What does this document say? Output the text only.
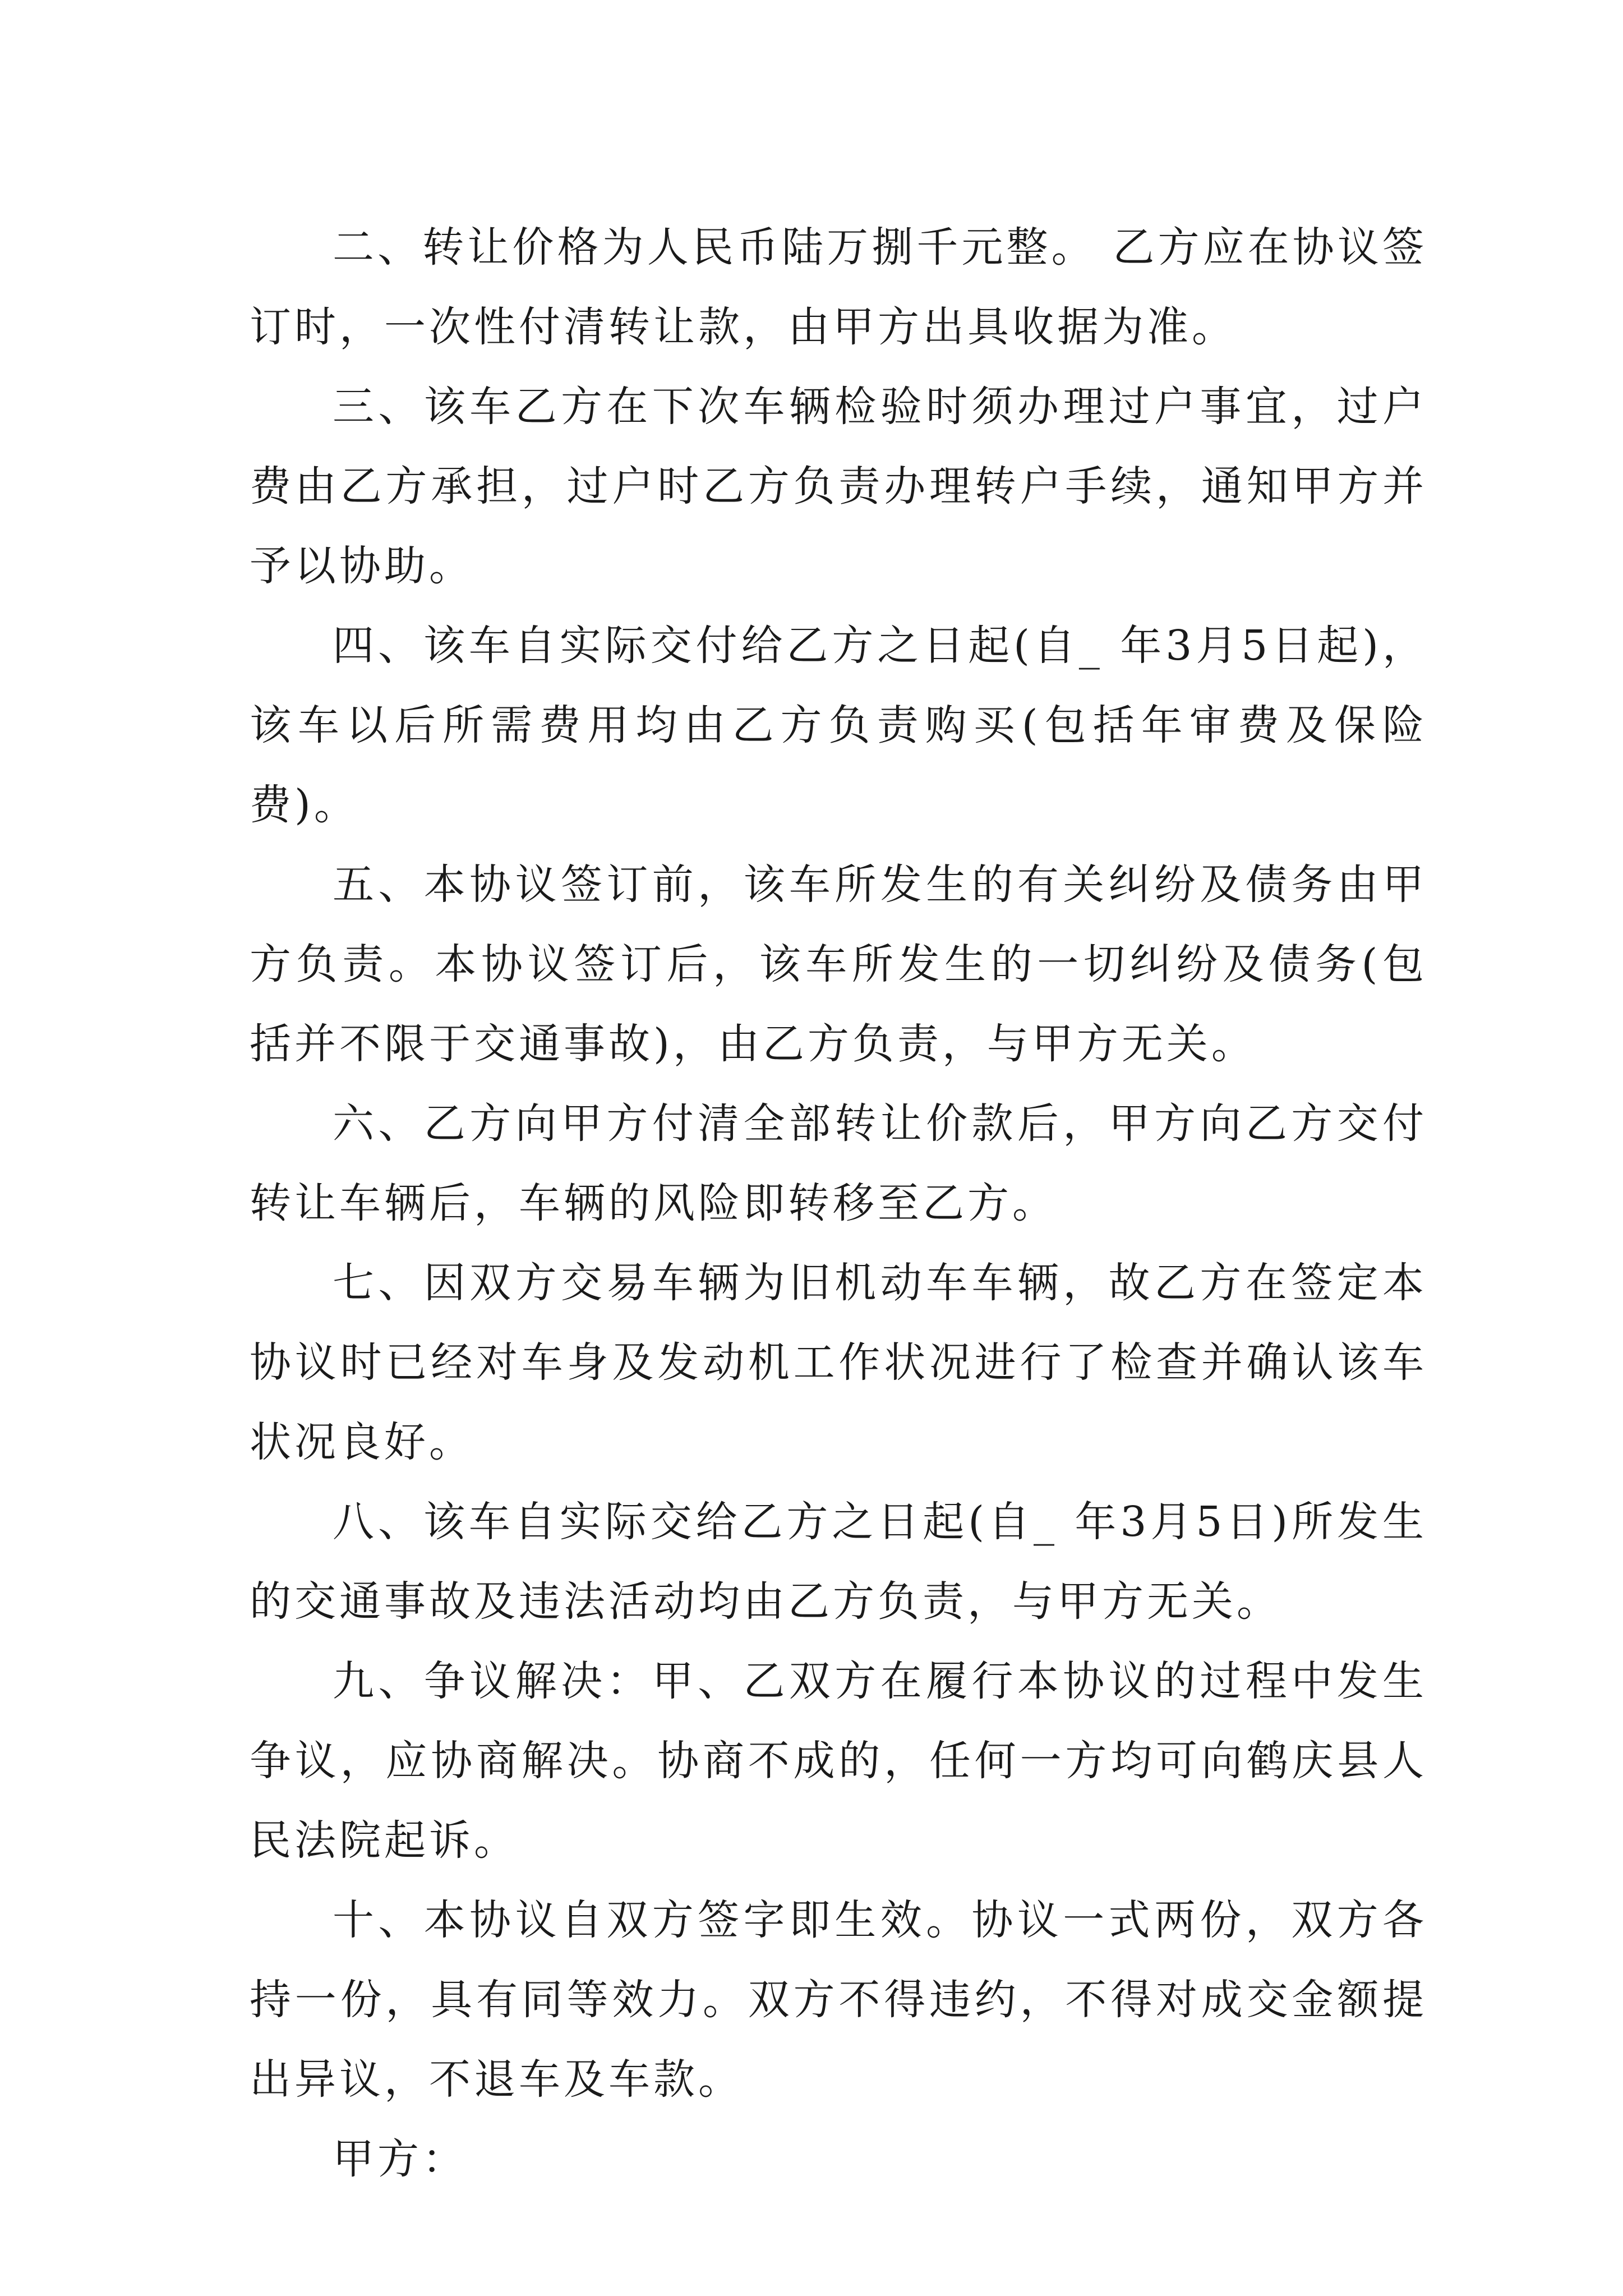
二、转让价格为人民币陆万捌千元整。 乙方应在协议签订时，一次性付清转让款，由甲方出具收据为准。

三、该车乙方在下次车辆检验时须办理过户事宜，过户费由乙方承担，过户时乙方负责办理转户手续，通知甲方并予以协助。

四、该车自实际交付给乙方之日起(自_ 年3月5日起)，该车以后所需费用均由乙方负责购买(包括年审费及保险费)。

五、本协议签订前，该车所发生的有关纠纷及债务由甲方负责。本协议签订后，该车所发生的一切纠纷及债务(包括并不限于交通事故)，由乙方负责，与甲方无关。

六、乙方向甲方付清全部转让价款后，甲方向乙方交付转让车辆后，车辆的风险即转移至乙方。

七、因双方交易车辆为旧机动车车辆，故乙方在签定本协议时已经对车身及发动机工作状况进行了检查并确认该车状况良好。

八、该车自实际交给乙方之日起(自_ 年3月5日)所发生的交通事故及违法活动均由乙方负责，与甲方无关。

九、争议解决：甲、乙双方在履行本协议的过程中发生争议，应协商解决。协商不成的，任何一方均可向鹤庆县人民法院起诉。

十、本协议自双方签字即生效。协议一式两份，双方各持一份，具有同等效力。双方不得违约，不得对成交金额提出异议，不退车及车款。

甲方：
